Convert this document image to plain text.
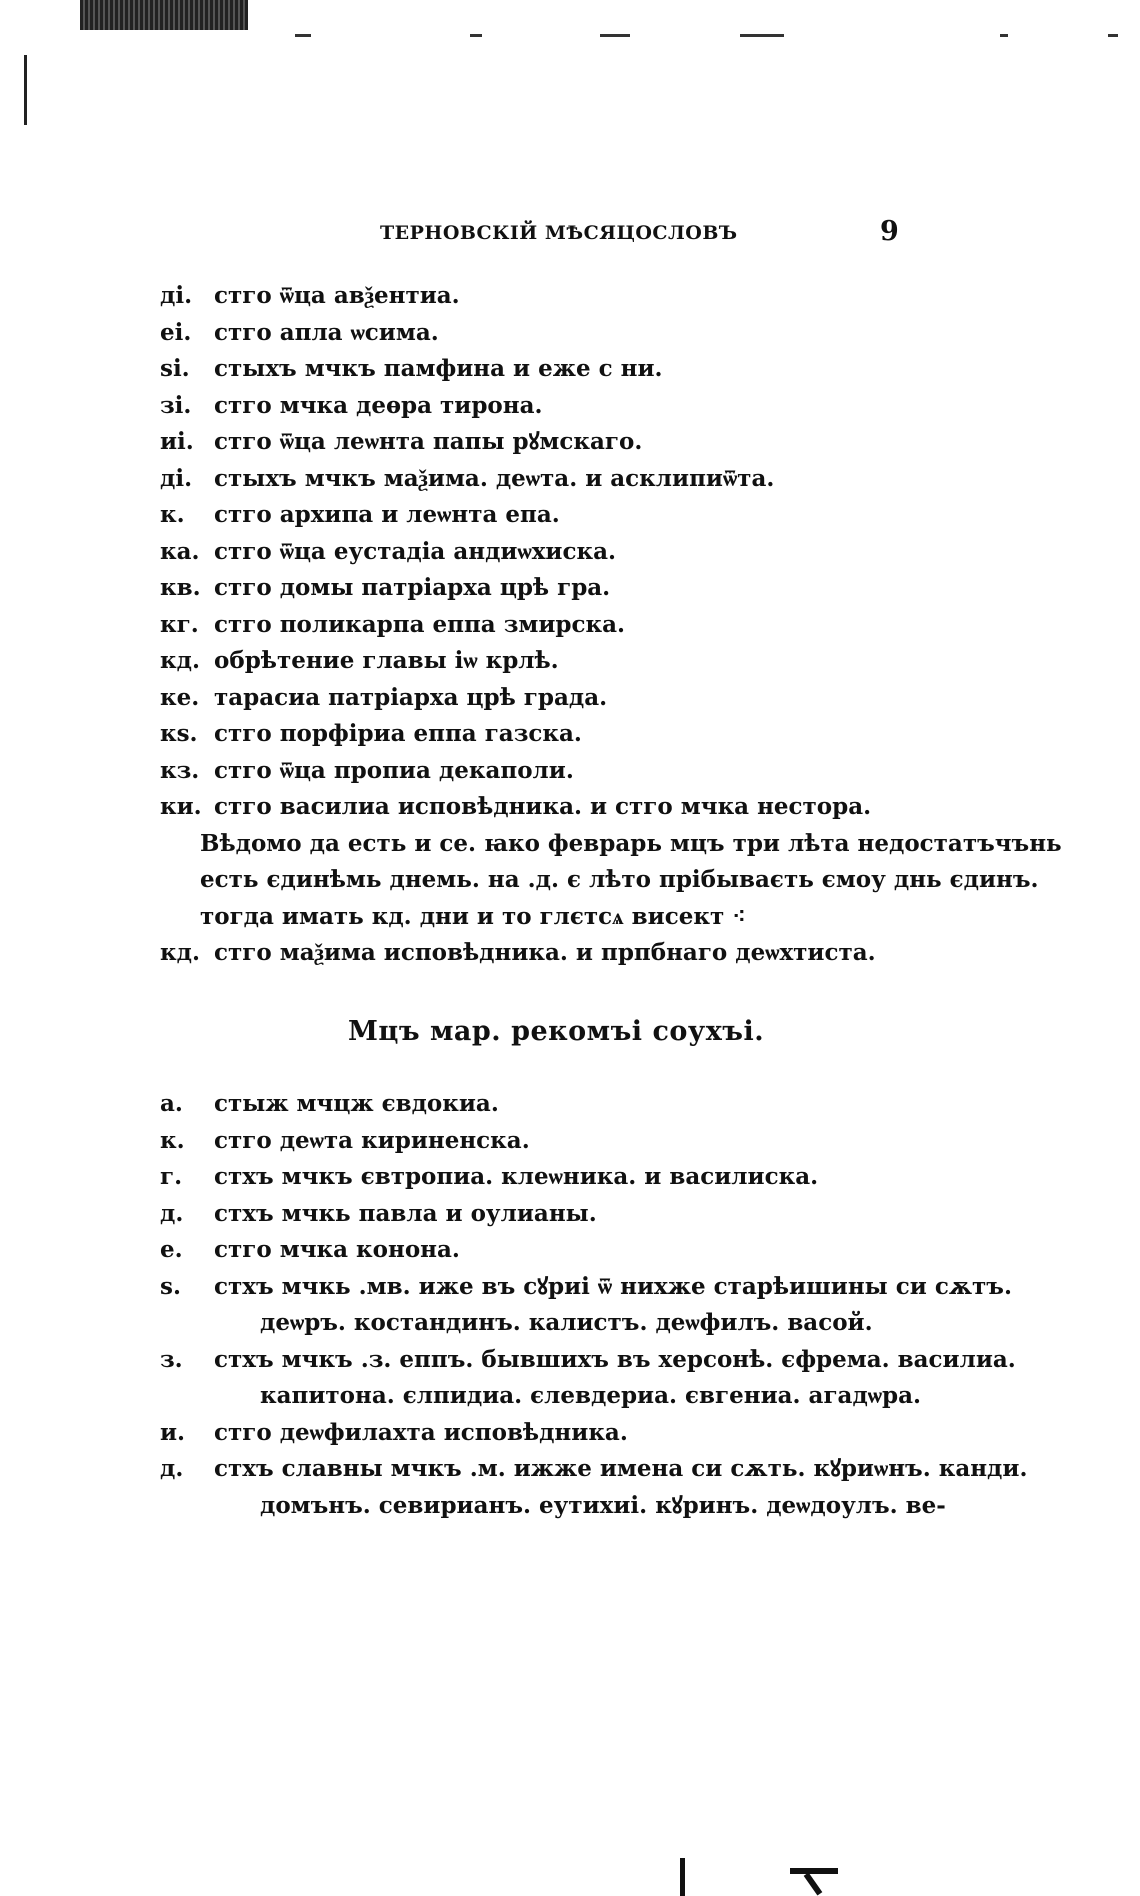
ТЕРНОВСКІЙ МѢСЯЦОСЛОВЪ	9
ді. стго ѿца авѯентиа.
еі. стго апла ѡсима.
ѕі. стыхъ мчкъ памфина и еже с ни.
зі. стго мчка деѳра тирона.
иі. стго ѿца леѡнта папы рꙋмскаго.
ді. стыхъ мчкъ маѯима. деѡта. и асклипиѿта.
к. стго архипа и леѡнта епа.
ка. стго ѿца еустадіа андиѡхиска.
кв. стго домы патріарха црѣ гра.
кг. стго поликарпа еппа змирска.
кд. обрѣтение главы іѡ крлѣ.
ке. тарасиа патріарха црѣ града.
кѕ. стго порфіриа еппа газска.
кз. стго ѿца пропиа декаполи.
ки. стго василиа исповѣдника. и стго мчка нестора.
Вѣдомо да есть и се. ꙗко феврарь мцъ три лѣта недостатъчънь
есть єдинѣмь днемь. на .д. є лѣто прібываєть ємоу днь єдинъ.
тогда имать кд. дни и то глєтсѧ висект ⁖
кд. стго маѯима исповѣдника. и прпбнаго деѡхтиста.
Мцъ мар. рекомъі соухъі.
а. стыж мчцж євдокиа.
к. стго деѡта кириненска.
г. стхъ мчкъ євтропиа. клеѡника. и василиска.
д. стхъ мчкь павла и оулианы.
е. стго мчка конона.
ѕ. стхъ мчкь .мв. иже въ сꙋриі ѿ нихже старѣишины си сѫтъ.
деѡръ. костандинъ. калистъ. деѡфилъ. васой.
з. стхъ мчкъ .з. еппъ. бывшихъ въ херсонѣ. єфрема. василиа.
капитона. єлпидиа. єлевдериа. євгениа. агадѡра.
и. стго деѡфилахта исповѣдника.
д. стхъ славны мчкъ .м. ижже имена си сѫть. кꙋриѡнъ. канди.
домънъ. севирианъ. еутихиі. кꙋринъ. деѡдоулъ. ве-
